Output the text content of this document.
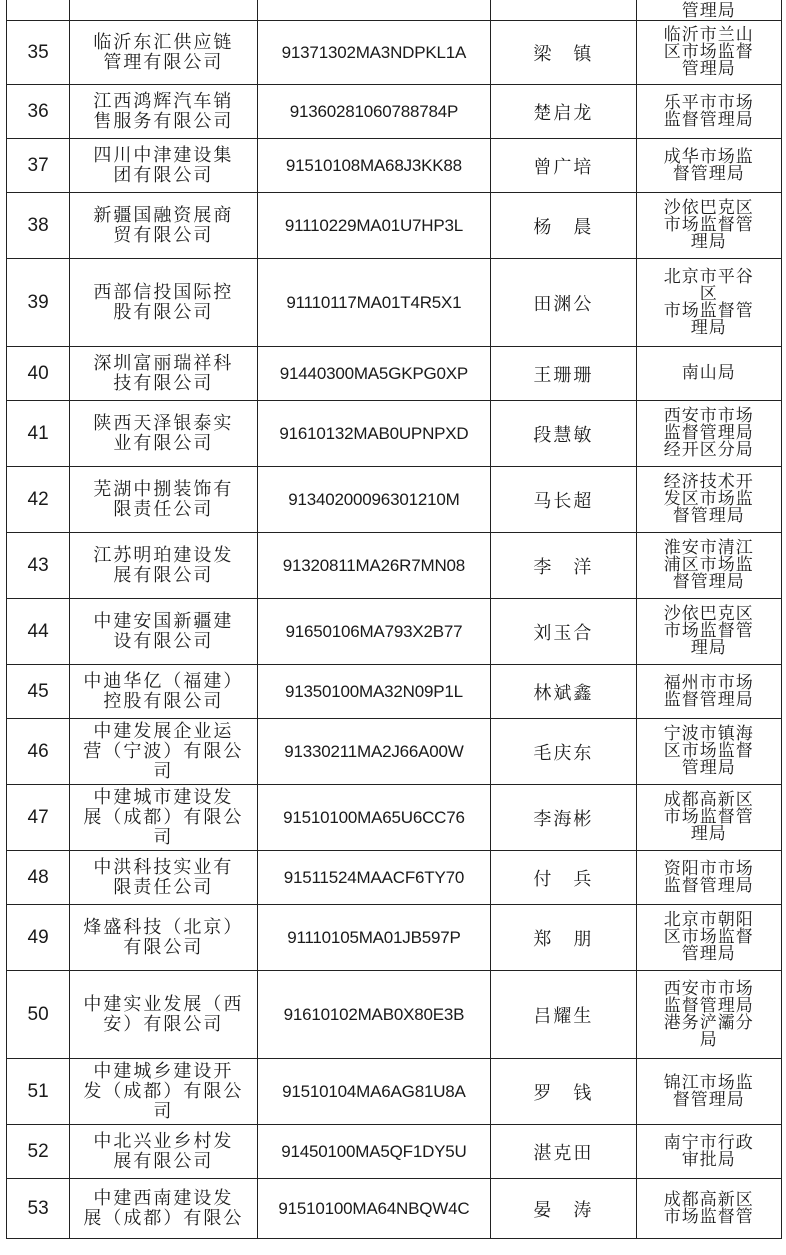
				管理局

35	临沂东汇供应链
管理有限公司	91371302MA3NDPKL1A	梁　镇	临沂市兰山
区市场监督
管理局

36	江西鸿辉汽车销
售服务有限公司	91360281060788784P	楚启龙	乐平市市场
监督管理局

37	四川中津建设集
团有限公司	91510108MA68J3KK88	曾广培	成华市场监
督管理局

38	新疆国融资展商
贸有限公司	91110229MA01U7HP3L	杨　晨	沙依巴克区
市场监督管
理局

39	西部信投国际控
股有限公司	91110117MA01T4R5X1	田渊公	北京市平谷
区
市场监督管
理局

40	深圳富丽瑞祥科
技有限公司	91440300MA5GKPG0XP	王珊珊	南山局

41	陕西天泽银泰实
业有限公司	91610132MAB0UPNPXD	段慧敏	西安市市场
监督管理局
经开区分局

42	芜湖中捌装饰有
限责任公司	91340200096301210M	马长超	经济技术开
发区市场监
督管理局

43	江苏明珀建设发
展有限公司	91320811MA26R7MN08	李　洋	淮安市清江
浦区市场监
督管理局

44	中建安国新疆建
设有限公司	91650106MA793X2B77	刘玉合	沙依巴克区
市场监督管
理局

45	中迪华亿（福建）
控股有限公司	91350100MA32N09P1L	林斌鑫	福州市市场
监督管理局

46	中建发展企业运
营（宁波）有限公
司	91330211MA2J66A00W	毛庆东	宁波市镇海
区市场监督
管理局

47	中建城市建设发
展（成都）有限公
司	91510100MA65U6CC76	李海彬	成都高新区
市场监督管
理局

48	中洪科技实业有
限责任公司	91511524MAACF6TY70	付　兵	资阳市市场
监督管理局

49	烽盛科技（北京）
有限公司	91110105MA01JB597P	郑　朋	北京市朝阳
区市场监督
管理局

50	中建实业发展（西
安）有限公司	91610102MAB0X80E3B	吕耀生	西安市市场
监督管理局
港务浐灞分
局

51	中建城乡建设开
发（成都）有限公
司	91510104MA6AG81U8A	罗　钱	锦江市场监
督管理局

52	中北兴业乡村发
展有限公司	91450100MA5QF1DY5U	湛克田	南宁市行政
审批局

53	中建西南建设发
展（成都）有限公	91510100MA64NBQW4C	晏　涛	成都高新区
市场监督管
